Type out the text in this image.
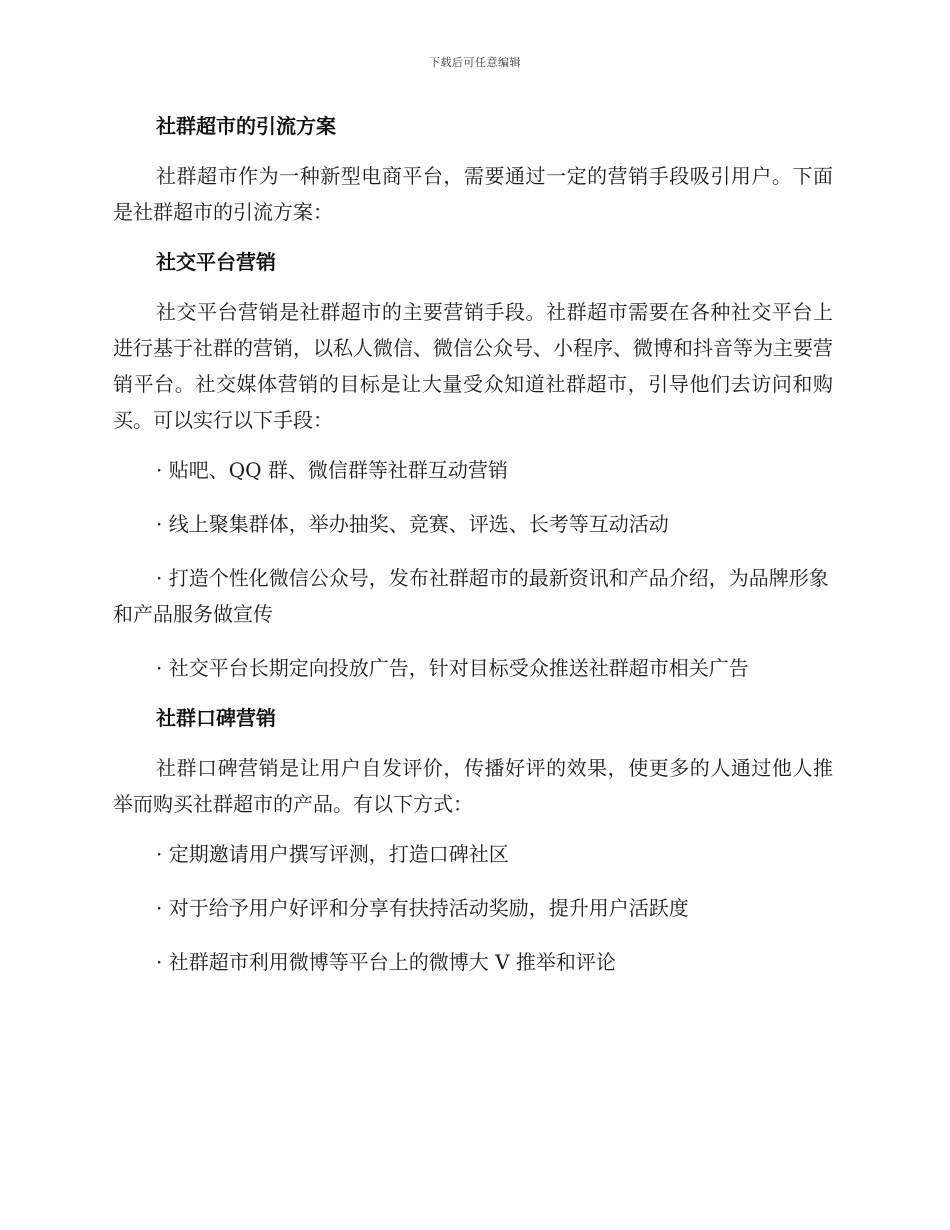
下载后可任意编辑

社群超市的引流方案

社群超市作为一种新型电商平台，需要通过一定的营销手段吸引用户。下面是社群超市的引流方案：

社交平台营销

社交平台营销是社群超市的主要营销手段。社群超市需要在各种社交平台上进行基于社群的营销，以私人微信、微信公众号、小程序、微博和抖音等为主要营销平台。社交媒体营销的目标是让大量受众知道社群超市，引导他们去访问和购买。可以实行以下手段：

· 贴吧、QQ 群、微信群等社群互动营销

· 线上聚集群体，举办抽奖、竞赛、评选、长考等互动活动

· 打造个性化微信公众号，发布社群超市的最新资讯和产品介绍，为品牌形象和产品服务做宣传

· 社交平台长期定向投放广告，针对目标受众推送社群超市相关广告

社群口碑营销

社群口碑营销是让用户自发评价，传播好评的效果，使更多的人通过他人推举而购买社群超市的产品。有以下方式：

· 定期邀请用户撰写评测，打造口碑社区

· 对于给予用户好评和分享有扶持活动奖励，提升用户活跃度

· 社群超市利用微博等平台上的微博大 V 推举和评论
